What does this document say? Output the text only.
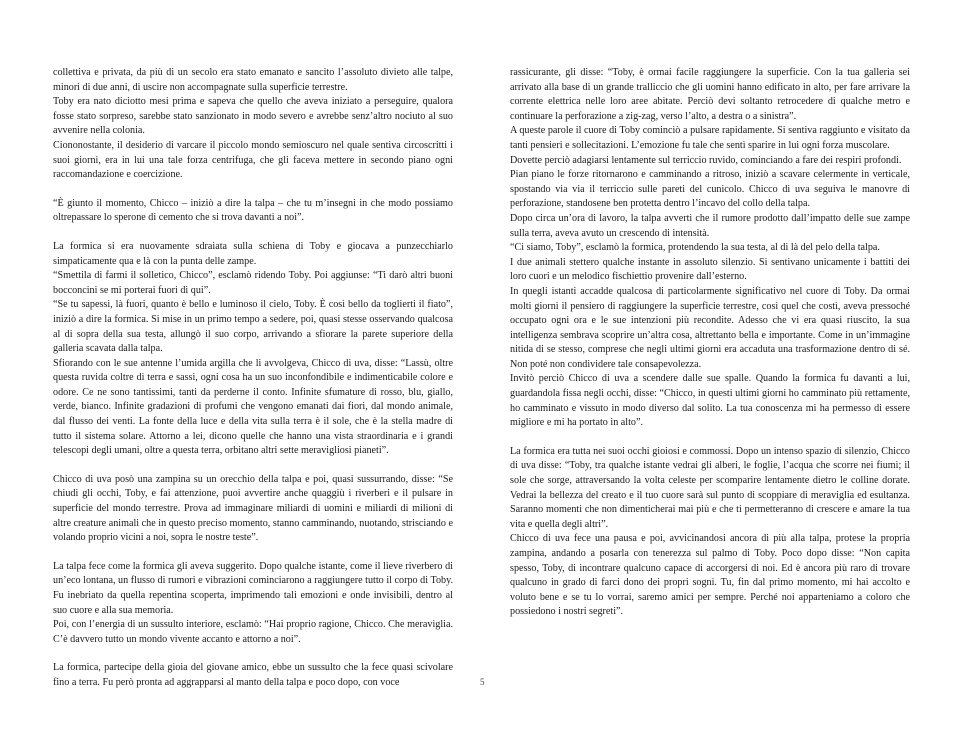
collettiva e privata, da più di un secolo era stato emanato e sancito l’assoluto divieto alle talpe, minori di due anni, di uscire non accompagnate sulla superficie terrestre.

Toby era nato diciotto mesi prima e sapeva che quello che aveva iniziato a perseguire, qualora fosse stato sorpreso, sarebbe stato sanzionato in modo severo e avrebbe senz’altro nociuto al suo avvenire nella colonia.

Ciononostante, il desiderio di varcare il piccolo mondo semioscuro nel quale sentiva circoscritti i suoi giorni, era in lui una tale forza centrifuga, che gli faceva mettere in secondo piano ogni raccomandazione e coercizione.

“È giunto il momento, Chicco – iniziò a dire la talpa – che tu m’insegni in che modo possiamo oltrepassare lo sperone di cemento che si trova davanti a noi”.

La formica si era nuovamente sdraiata sulla schiena di Toby e giocava a punzecchiarlo simpaticamente qua e là con la punta delle zampe.

“Smettila di farmi il solletico, Chicco”, esclamò ridendo Toby. Poi aggiunse: “Ti darò altri buoni bocconcini se mi porterai fuori di qui”.

“Se tu sapessi, là fuori, quanto è bello e luminoso il cielo, Toby. È così bello da toglierti il fiato”, iniziò a dire la formica. Si mise in un primo tempo a sedere, poi, quasi stesse osservando qualcosa al di sopra della sua testa, allungò il suo corpo, arrivando a sfiorare la parete superiore della galleria scavata dalla talpa.

Sfiorando con le sue antenne l’umida argilla che li avvolgeva, Chicco di uva, disse: “Lassù, oltre questa ruvida coltre di terra e sassi, ogni cosa ha un suo inconfondibile e indimenticabile colore e odore. Ce ne sono tantissimi, tanti da perderne il conto. Infinite sfumature di rosso, blu, giallo, verde, bianco. Infinite gradazioni di profumi che vengono emanati dai fiori, dal mondo animale, dal flusso dei venti. La fonte della luce e della vita sulla terra è il sole, che è la stella madre di tutto il sistema solare. Attorno a lei, dicono quelle che hanno una vista straordinaria e i grandi telescopi degli umani, oltre a questa terra, orbitano altri sette meravigliosi pianeti”.

Chicco di uva posò una zampina su un orecchio della talpa e poi, quasi sussurrando, disse: “Se chiudi gli occhi, Toby, e fai attenzione, puoi avvertire anche quaggiù i riverberi e il pulsare in superficie del mondo terrestre. Prova ad immaginare miliardi di uomini e miliardi di milioni di altre creature animali che in questo preciso momento, stanno camminando, nuotando, strisciando e volando proprio vicini a noi, sopra le nostre teste”.

La talpa fece come la formica gli aveva suggerito. Dopo qualche istante, come il lieve riverbero di un’eco lontana, un flusso di rumori e vibrazioni cominciarono a raggiungere tutto il corpo di Toby. Fu inebriato da quella repentina scoperta, imprimendo tali emozioni e onde invisibili, dentro al suo cuore e alla sua memoria.

Poi, con l’energia di un sussulto interiore, esclamò: “Hai proprio ragione, Chicco. Che meraviglia. C’è davvero tutto un mondo vivente accanto e attorno a noi”.

La formica, partecipe della gioia del giovane amico, ebbe un sussulto che la fece quasi scivolare fino a terra. Fu però pronta ad aggrapparsi al manto della talpa e poco dopo, con voce

rassicurante, gli disse: “Toby, è ormai facile raggiungere la superficie. Con la tua galleria sei arrivato alla base di un grande tralliccio che gli uomini hanno edificato in alto, per fare arrivare la corrente elettrica nelle loro aree abitate. Perciò devi soltanto retrocedere di qualche metro e continuare la perforazione a zig-zag, verso l’alto, a destra o a sinistra”.

A queste parole il cuore di Toby cominciò a pulsare rapidamente. Si sentiva raggiunto e visitato da tanti pensieri e sollecitazioni. L’emozione fu tale che sentì sparire in lui ogni forza muscolare.

Dovette perciò adagiarsi lentamente sul terriccio ruvido, cominciando a fare dei respiri profondi.

Pian piano le forze ritornarono e camminando a ritroso, iniziò a scavare celermente in verticale, spostando via via il terriccio sulle pareti del cunicolo. Chicco di uva seguiva le manovre di perforazione, standosene ben protetta dentro l’incavo del collo della talpa.

Dopo circa un’ora di lavoro, la talpa avvertì che il rumore prodotto dall’impatto delle sue zampe sulla terra, aveva avuto un crescendo di intensità.

“Ci siamo, Toby”, esclamò la formica, protendendo la sua testa, al di là del pelo della talpa.

I due animali stettero qualche instante in assoluto silenzio. Si sentivano unicamente i battiti dei loro cuori e un melodico fischiettio provenire dall’esterno.

In quegli istanti accadde qualcosa di particolarmente significativo nel cuore di Toby. Da ormai molti giorni il pensiero di raggiungere la superficie terrestre, così quel che costì, aveva pressoché occupato ogni ora e le sue intenzioni più recondite. Adesso che vi era quasi riuscito, la sua intelligenza sembrava scoprire un’altra cosa, altrettanto bella e importante. Come in un’immagine nitida di se stesso, comprese che negli ultimi giorni era accaduta una trasformazione dentro di sé. Non poté non condividere tale consapevolezza.

Invitò perciò Chicco di uva a scendere dalle sue spalle. Quando la formica fu davanti a lui, guardandola fissa negli occhi, disse: “Chicco, in questi ultimi giorni ho camminato più rettamente, ho camminato e vissuto in modo diverso dal solito. La tua conoscenza mi ha permesso di essere migliore e mi ha portato in alto”.

La formica era tutta nei suoi occhi gioiosi e commossi. Dopo un intenso spazio di silenzio, Chicco di uva disse: “Toby, tra qualche istante vedrai gli alberi, le foglie, l’acqua che scorre nei fiumi; il sole che sorge, attraversando la volta celeste per scomparire lentamente dietro le colline dorate. Vedrai la bellezza del creato e il tuo cuore sarà sul punto di scoppiare di meraviglia ed esultanza. Saranno momenti che non dimenticherai mai più e che ti permetteranno di crescere e amare la tua vita e quella degli altri”.

Chicco di uva fece una pausa e poi, avvicinandosi ancora di più alla talpa, protese la propria zampina, andando a posarla con tenerezza sul palmo di Toby. Poco dopo disse: “Non capita spesso, Toby, di incontrare qualcuno capace di accorgersi di noi. Ed è ancora più raro di trovare qualcuno in grado di farci dono dei propri sogni. Tu, fin dal primo momento, mi hai accolto e voluto bene e se tu lo vorrai, saremo amici per sempre. Perché noi apparteniamo a coloro che possiedono i nostri segreti”.

5
